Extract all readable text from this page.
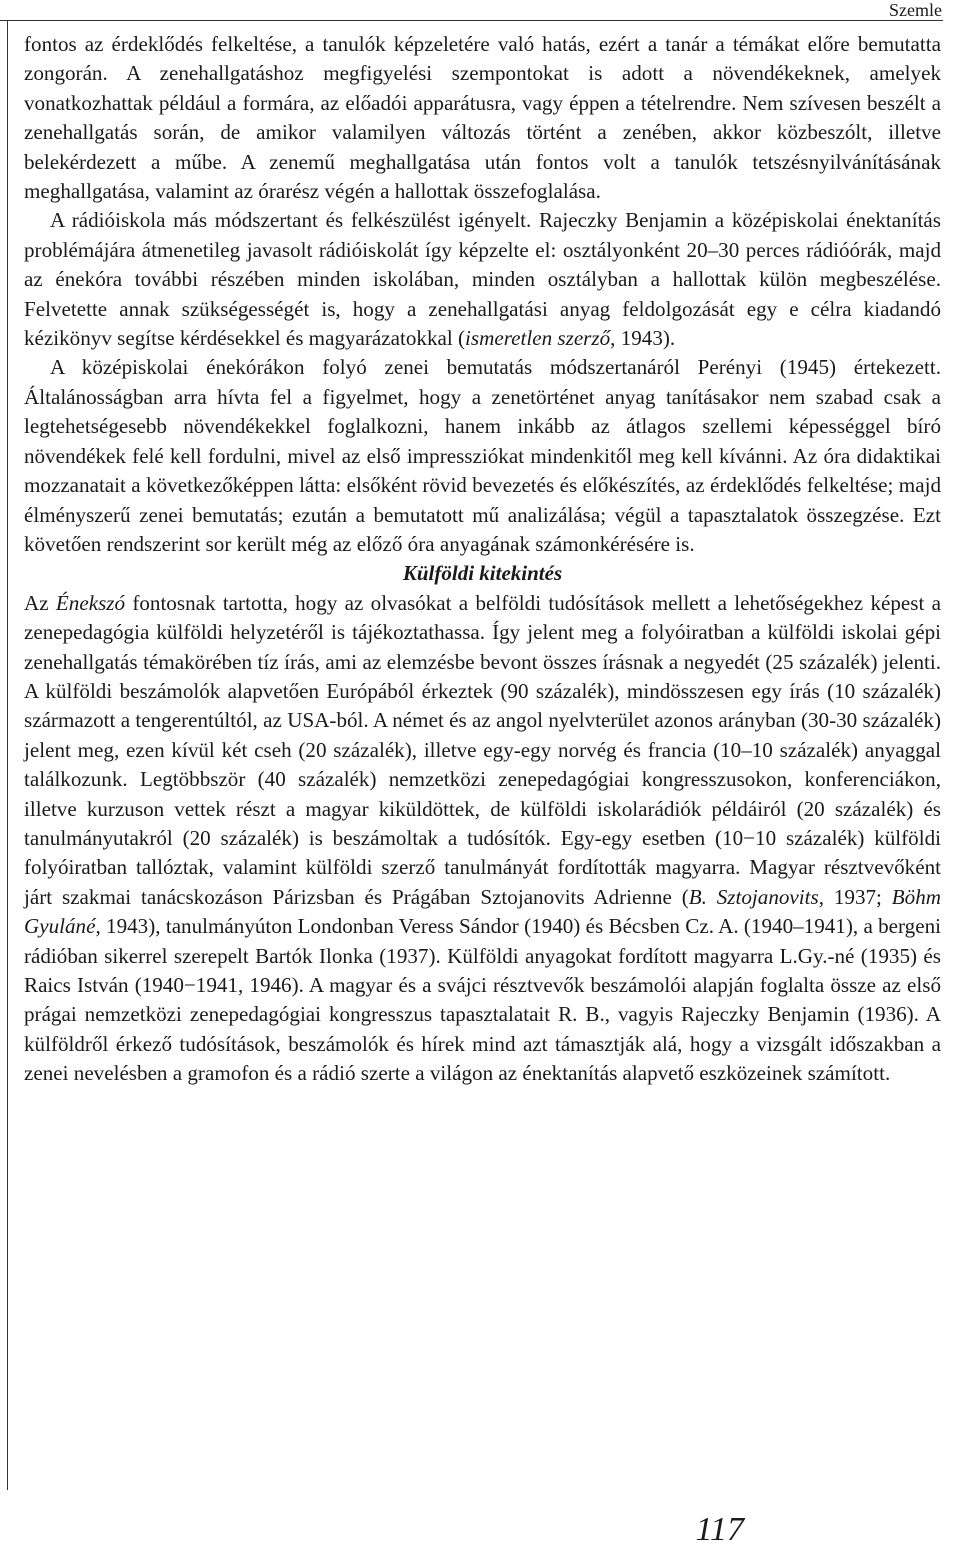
Szemle

fontos az érdeklődés felkeltése, a tanulók képzeletére való hatás, ezért a tanár a témákat előre bemutatta zongorán. A zenehallgatáshoz megfigyelési szempontokat is adott a növendékeknek, amelyek vonatkozhattak például a formára, az előadói apparátusra, vagy éppen a tételrendre. Nem szívesen beszélt a zenehallgatás során, de amikor valamilyen változás történt a zenében, akkor közbeszólt, illetve belekérdezett a műbe. A zenemű meghallgatása után fontos volt a tanulók tetszésnyilvánításának meghallgatása, valamint az órarész végén a hallottak összefoglalása.

A rádióiskola más módszertant és felkészülést igényelt. Rajeczky Benjamin a középiskolai énektanítás problémájára átmenetileg javasolt rádióiskolát így képzelte el: osztályonként 20–30 perces rádióórák, majd az énekóra további részében minden iskolában, minden osztályban a hallottak külön megbeszélése. Felvetette annak szükségességét is, hogy a zenehallgatási anyag feldolgozását egy e célra kiadandó kézikönyv segítse kérdésekkel és magyarázatokkal (ismeretlen szerző, 1943).

A középiskolai énekórákon folyó zenei bemutatás módszertanáról Perényi (1945) értekezett. Általánosságban arra hívta fel a figyelmet, hogy a zenetörténet anyag tanításakor nem szabad csak a legtehetségesebb növendékekkel foglalkozni, hanem inkább az átlagos szellemi képességgel bíró növendékek felé kell fordulni, mivel az első impressziókat mindenkitől meg kell kívánni. Az óra didaktikai mozzanatait a következőképpen látta: elsőként rövid bevezetés és előkészítés, az érdeklődés felkeltése; majd élményszerű zenei bemutatás; ezután a bemutatott mű analizálása; végül a tapasztalatok összegzése. Ezt követően rendszerint sor került még az előző óra anyagának számonkérésére is.

Külföldi kitekintés

Az Énekszó fontosnak tartotta, hogy az olvasókat a belföldi tudósítások mellett a lehetőségekhez képest a zenepedagógia külföldi helyzetéről is tájékoztathassa. Így jelent meg a folyóiratban a külföldi iskolai gépi zenehallgatás témakörében tíz írás, ami az elemzésbe bevont összes írásnak a negyedét (25 százalék) jelenti. A külföldi beszámolók alapvetően Európából érkeztek (90 százalék), mindösszesen egy írás (10 százalék) származott a tengerentúltól, az USA-ból. A német és az angol nyelvterület azonos arányban (30-30 százalék) jelent meg, ezen kívül két cseh (20 százalék), illetve egy-egy norvég és francia (10–10 százalék) anyaggal találkozunk. Legtöbbször (40 százalék) nemzetközi zenepedagógiai kongresszusokon, konferenciákon, illetve kurzuson vettek részt a magyar kiküldöttek, de külföldi iskolarádiók példáiról (20 százalék) és tanulmányutakról (20 százalék) is beszámoltak a tudósítók. Egy-egy esetben (10−10 százalék) külföldi folyóiratban tallóztak, valamint külföldi szerző tanulmányát fordították magyarra. Magyar résztvevőként járt szakmai tanácskozáson Párizsban és Prágában Sztojanovits Adrienne (B. Sztojanovits, 1937; Böhm Gyuláné, 1943), tanulmányúton Londonban Veress Sándor (1940) és Bécsben Cz. A. (1940–1941), a bergeni rádióban sikerrel szerepelt Bartók Ilonka (1937). Külföldi anyagokat fordított magyarra L.Gy.-né (1935) és Raics István (1940−1941, 1946). A magyar és a svájci résztvevők beszámolói alapján foglalta össze az első prágai nemzetközi zenepedagógiai kongresszus tapasztalatait R. B., vagyis Rajeczky Benjamin (1936). A külföldről érkező tudósítások, beszámolók és hírek mind azt támasztják alá, hogy a vizsgált időszakban a zenei nevelésben a gramofon és a rádió szerte a világon az énektanítás alapvető eszközeinek számított.

117
